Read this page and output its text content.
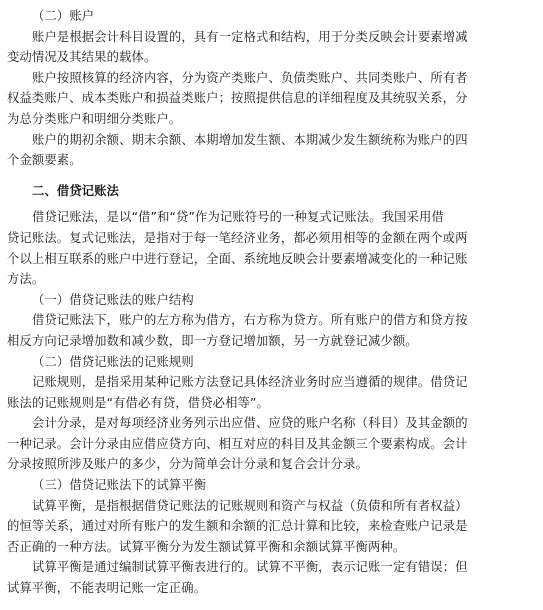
（二）账户
账户是根据会计科目设置的，具有一定格式和结构，用于分类反映会计要素增减
变动情况及其结果的载体。
账户按照核算的经济内容，分为资产类账户、负债类账户、共同类账户、所有者
权益类账户、成本类账户和损益类账户；按照提供信息的详细程度及其统驭关系，分
为总分类账户和明细分类账户。
账户的期初余额、期末余额、本期增加发生额、本期减少发生额统称为账户的四
个金额要素。
二、借贷记账法
借贷记账法，是以“借”和“贷”作为记账符号的一种复式记账法。我国采用借
贷记账法。复式记账法，是指对于每一笔经济业务，都必须用相等的金额在两个或两
个以上相互联系的账户中进行登记，全面、系统地反映会计要素增减变化的一种记账
方法。
（一）借贷记账法的账户结构
借贷记账法下，账户的左方称为借方，右方称为贷方。所有账户的借方和贷方按
相反方向记录增加数和减少数，即一方登记增加额，另一方就登记减少额。
（二）借贷记账法的记账规则
记账规则，是指采用某种记账方法登记具体经济业务时应当遵循的规律。借贷记
账法的记账规则是“有借必有贷，借贷必相等”。
会计分录，是对每项经济业务列示出应借、应贷的账户名称（科目）及其金额的
一种记录。会计分录由应借应贷方向、相互对应的科目及其金额三个要素构成。会计
分录按照所涉及账户的多少，分为简单会计分录和复合会计分录。
（三）借贷记账法下的试算平衡
试算平衡，是指根据借贷记账法的记账规则和资产与权益（负债和所有者权益）
的恒等关系，通过对所有账户的发生额和余额的汇总计算和比较，来检查账户记录是
否正确的一种方法。试算平衡分为发生额试算平衡和余额试算平衡两种。
试算平衡是通过编制试算平衡表进行的。试算不平衡，表示记账一定有错误；但
试算平衡，不能表明记账一定正确。
